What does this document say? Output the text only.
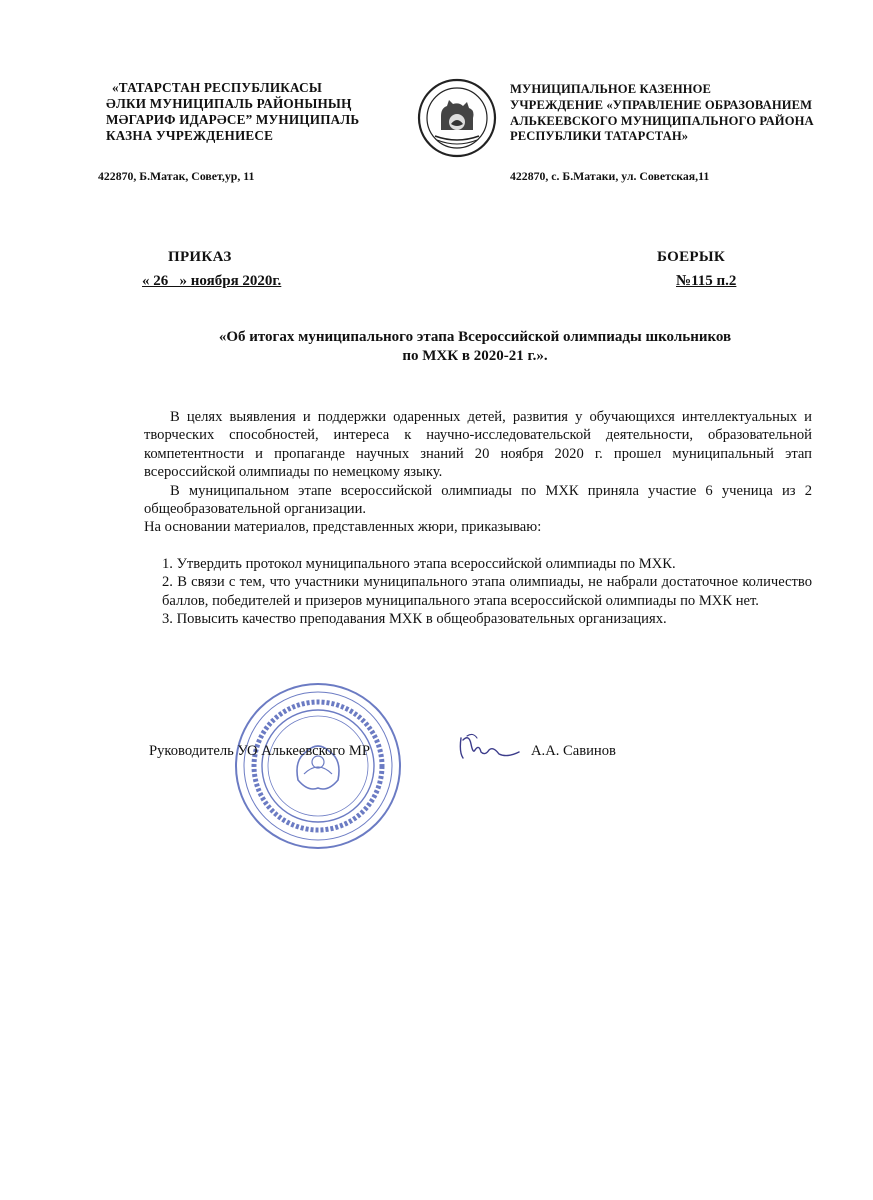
«ТАТАРСТАН РЕСПУБЛИКАСЫ
ӘЛКИ МУНИЦИПАЛЬ РАЙОНЫНЫҢ
МӘГАРИФ ИДАРӘСЕ” МУНИЦИПАЛЬ
КАЗНА УЧРЕЖДЕНИЕСЕ
МУНИЦИПАЛЬНОЕ КАЗЕННОЕ
УЧРЕЖДЕНИЕ «УПРАВЛЕНИЕ ОБРАЗОВАНИЕМ
АЛЬКЕЕВСКОГО МУНИЦИПАЛЬНОГО РАЙОНА
РЕСПУБЛИКИ ТАТАРСТАН»
422870, Б.Матак, Совет,ур, 11	422870, с. Б.Матаки, ул. Советская,11
ПРИКАЗ
« 26   » ноября 2020г.
БОЕРЫК
№115 п.2
«Об итогах муниципального этапа Всероссийской олимпиады школьников
по МХК в 2020-21 г.».

В целях выявления и поддержки одаренных детей, развития у обучающихся интеллектуальных и творческих способностей, интереса к научно-исследовательской деятельности, образовательной компетентности и пропаганде научных знаний 20 ноября 2020 г. прошел муниципальный этап всероссийской олимпиады по немецкому языку.

В муниципальном этапе всероссийской олимпиады по МХК приняла участие 6 ученица из 2 общеобразовательной организации.

На основании материалов, представленных жюри, приказываю:

1. Утвердить протокол муниципального этапа всероссийской олимпиады по МХК.

2. В связи с тем, что участники муниципального этапа олимпиады, не набрали достаточное количество баллов, победителей и призеров муниципального этапа всероссийской олимпиады по МХК нет.

3. Повысить качество преподавания МХК в общеобразовательных организациях.

Руководитель УО Алькеевского МР	А.А. Савинов
